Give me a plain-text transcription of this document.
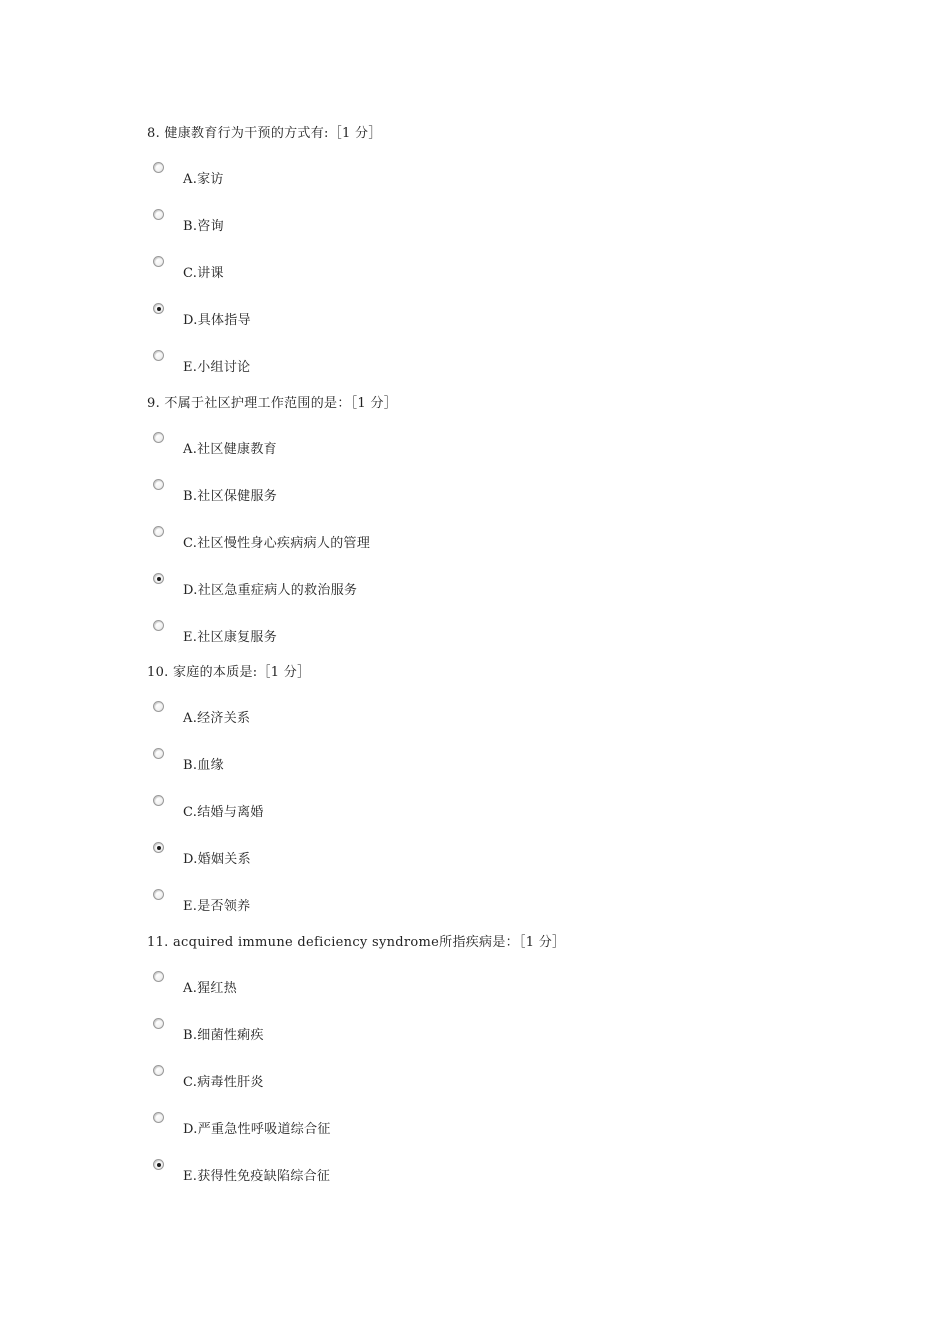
8. 健康教育行为干预的方式有:［1 分］
A.家访
B.咨询
C.讲课
D.具体指导
E.小组讨论
9. 不属于社区护理工作范围的是：［1 分］
A.社区健康教育
B.社区保健服务
C.社区慢性身心疾病病人的管理
D.社区急重症病人的救治服务
E.社区康复服务
10. 家庭的本质是:［1 分］
A.经济关系
B.血缘
C.结婚与离婚
D.婚姻关系
E.是否领养
11. acquired immune deficiency syndrome所指疾病是：［1 分］
A.猩红热
B.细菌性痢疾
C.病毒性肝炎
D.严重急性呼吸道综合征
E.获得性免疫缺陷综合征
